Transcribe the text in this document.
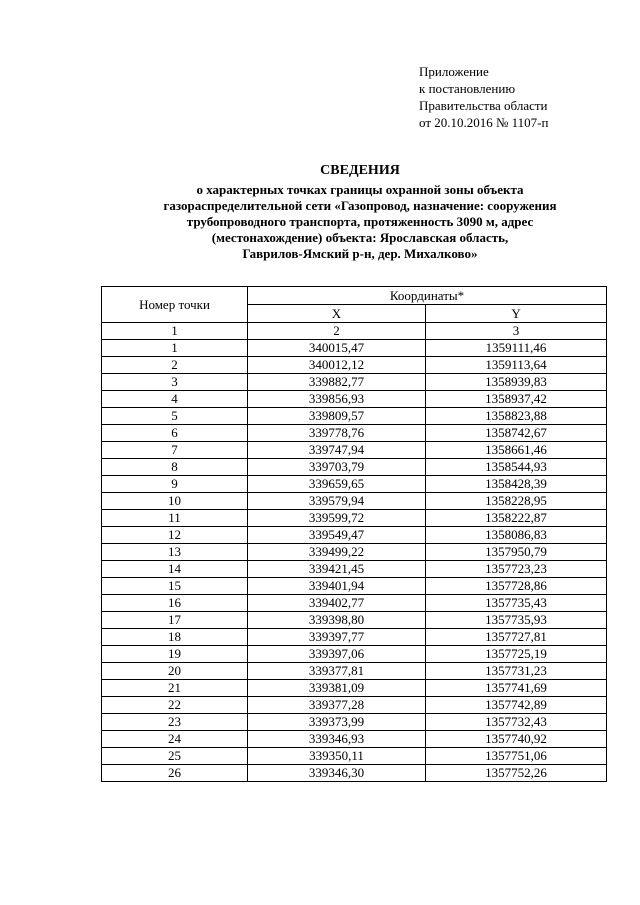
Приложение
к постановлению
Правительства области
от 20.10.2016 № 1107-п
СВЕДЕНИЯ
о характерных точках границы охранной зоны объекта
газораспределительной сети «Газопровод, назначение: сооружения
трубопроводного транспорта, протяженность 3090 м, адрес
(местонахождение) объекта: Ярославская область,
Гаврилов-Ямский р-н, дер. Михалково»
Номер точки	Координаты*	
	X	Y
1	2	3
1	340015,47	1359111,46
2	340012,12	1359113,64
3	339882,77	1358939,83
4	339856,93	1358937,42
5	339809,57	1358823,88
6	339778,76	1358742,67
7	339747,94	1358661,46
8	339703,79	1358544,93
9	339659,65	1358428,39
10	339579,94	1358228,95
11	339599,72	1358222,87
12	339549,47	1358086,83
13	339499,22	1357950,79
14	339421,45	1357723,23
15	339401,94	1357728,86
16	339402,77	1357735,43
17	339398,80	1357735,93
18	339397,77	1357727,81
19	339397,06	1357725,19
20	339377,81	1357731,23
21	339381,09	1357741,69
22	339377,28	1357742,89
23	339373,99	1357732,43
24	339346,93	1357740,92
25	339350,11	1357751,06
26	339346,30	1357752,26
